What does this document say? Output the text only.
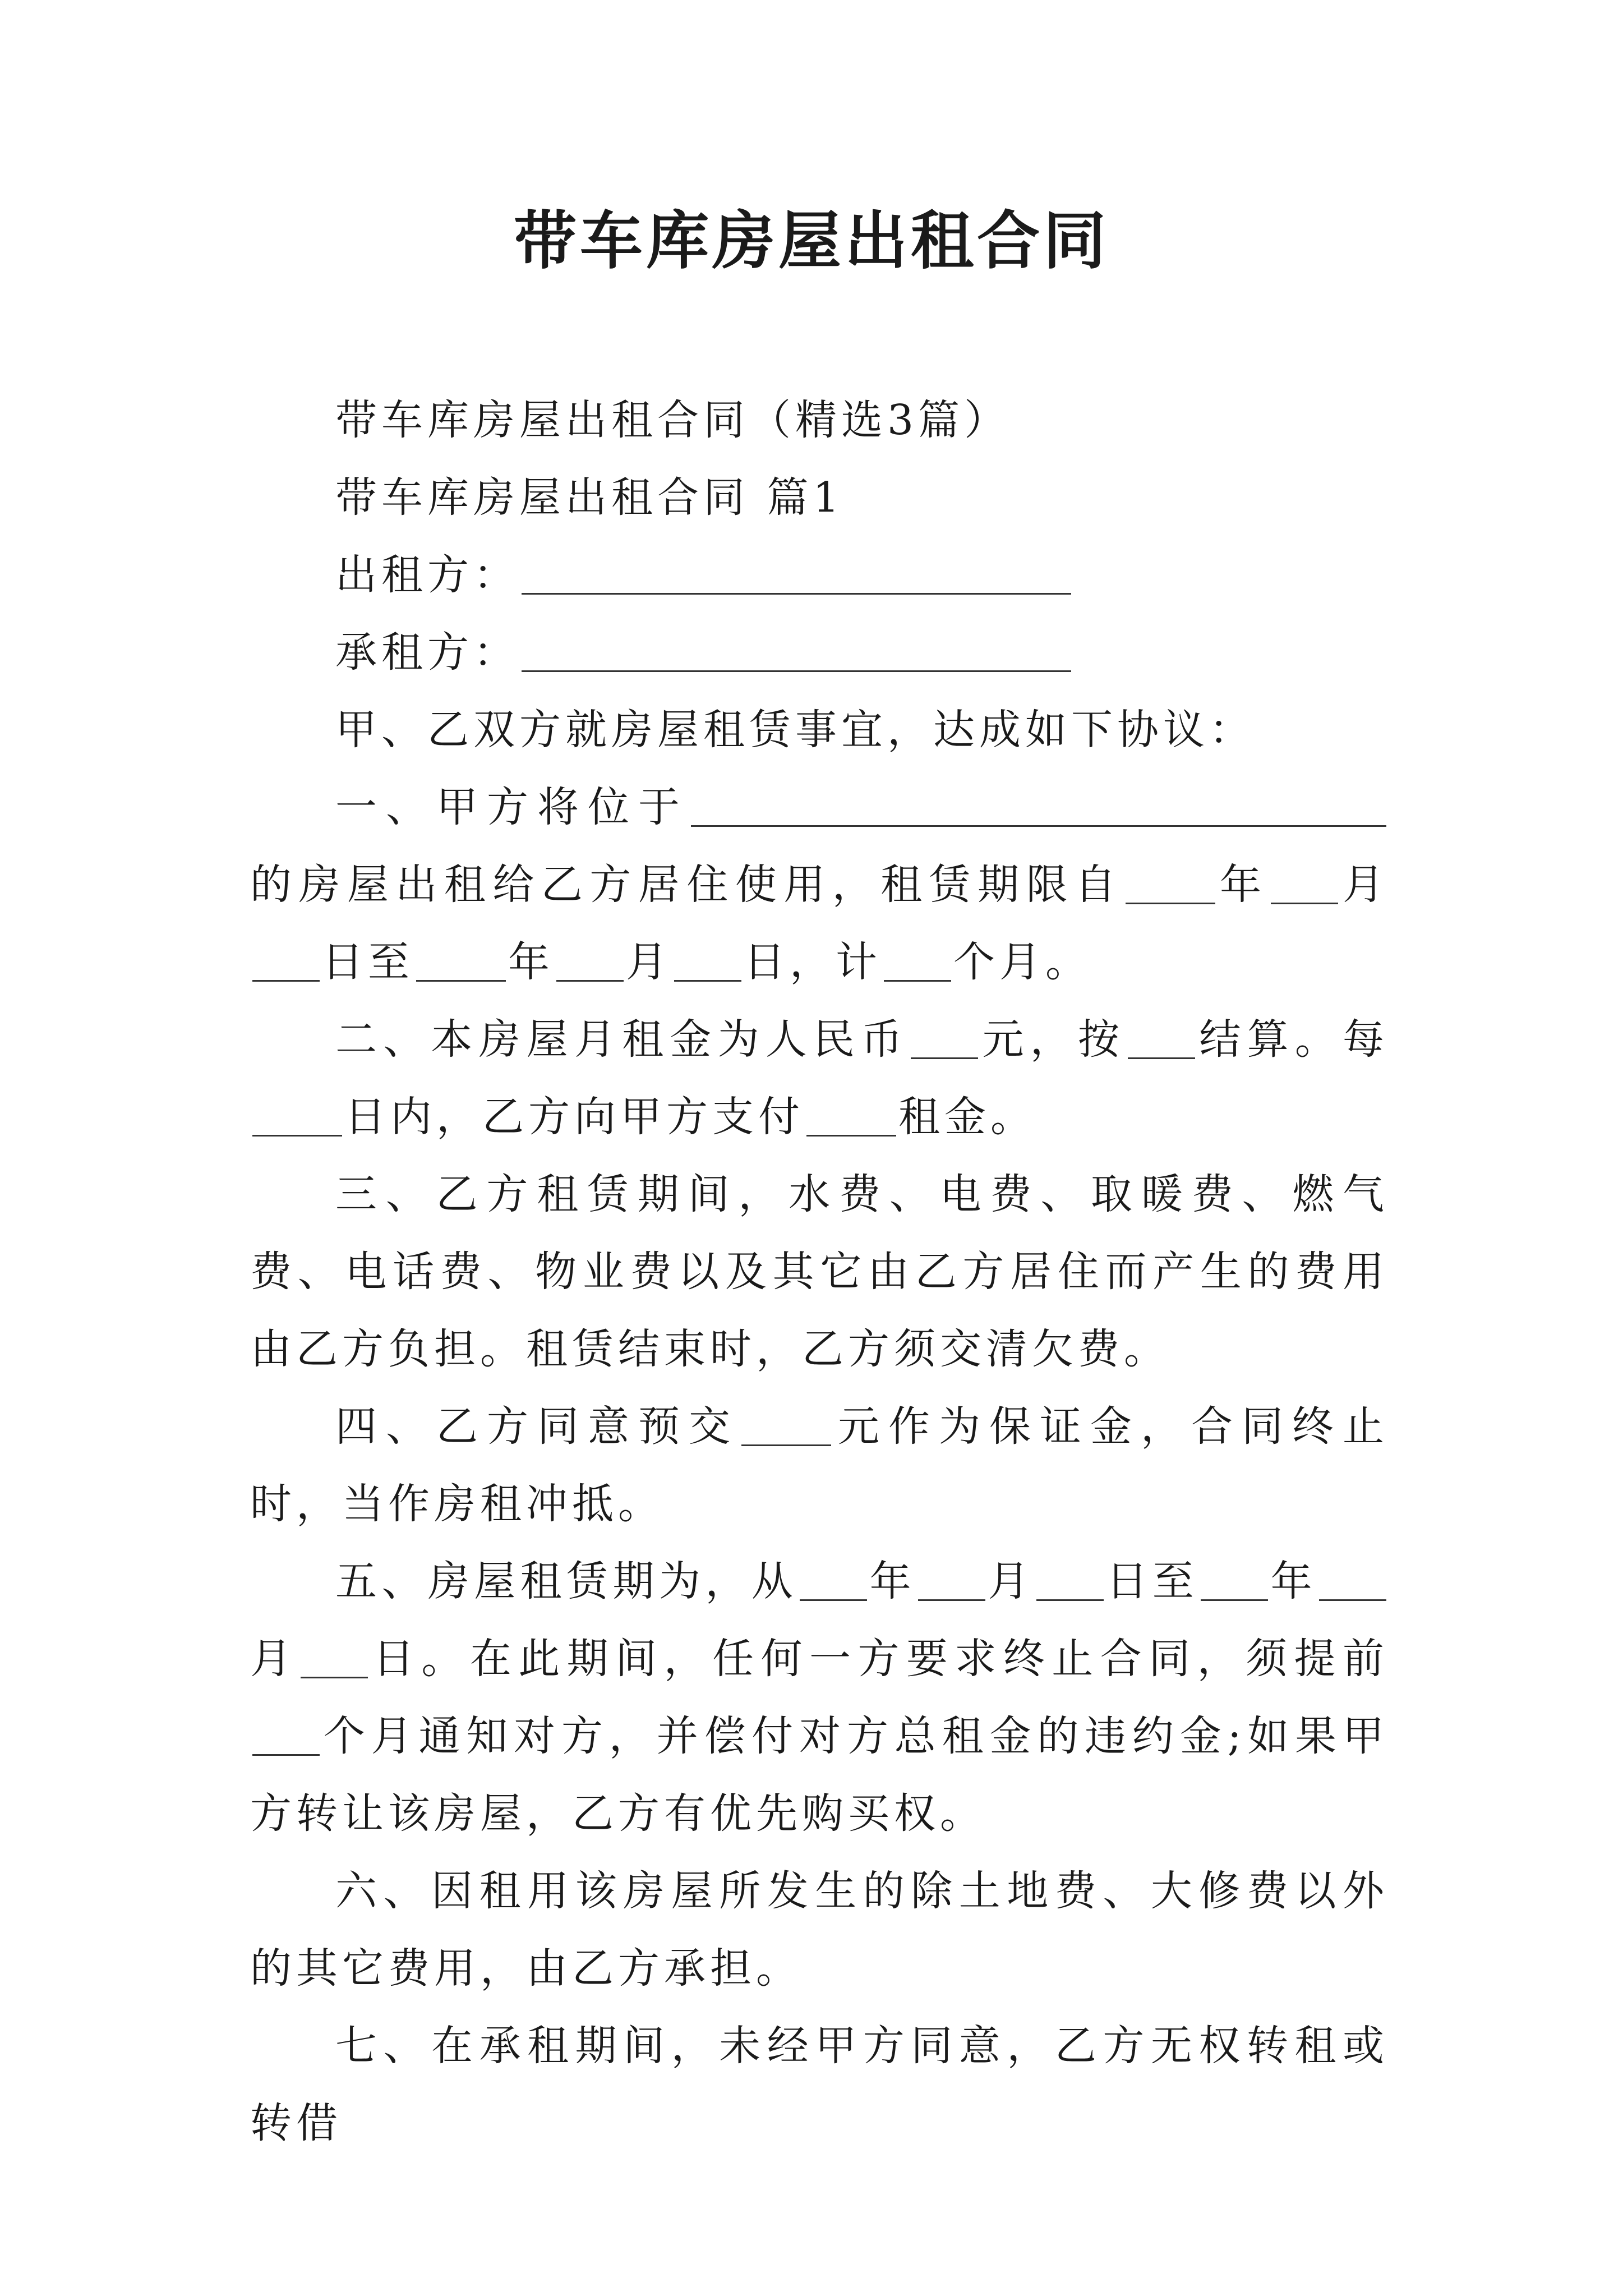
带车库房屋出租合同

带车库房屋出租合同（精选3篇）

带车库房屋出租合同 篇1

出租方：

承租方：

甲、乙双方就房屋租赁事宜，达成如下协议：

一、甲方将位于的房屋出租给乙方居住使用，租赁期限自 年 月日至 年 月 日，计 个月。

二、本房屋月租金为人民币 元，按 结算。每日内，乙方向甲方支付 租金。

三、乙方租赁期间，水费、电费、取暖费、燃气费、电话费、物业费以及其它由乙方居住而产生的费用由乙方负担。租赁结束时，乙方须交清欠费。

四、乙方同意预交 元作为保证金，合同终止时，当作房租冲抵。

五、房屋租赁期为，从 年 月 日至 年月 日。在此期间，任何一方要求终止合同，须提前个月通知对方，并偿付对方总租金的违约金;如果甲方转让该房屋，乙方有优先购买权。

六、因租用该房屋所发生的除土地费、大修费以外的其它费用，由乙方承担。

七、在承租期间，未经甲方同意，乙方无权转租或转借
